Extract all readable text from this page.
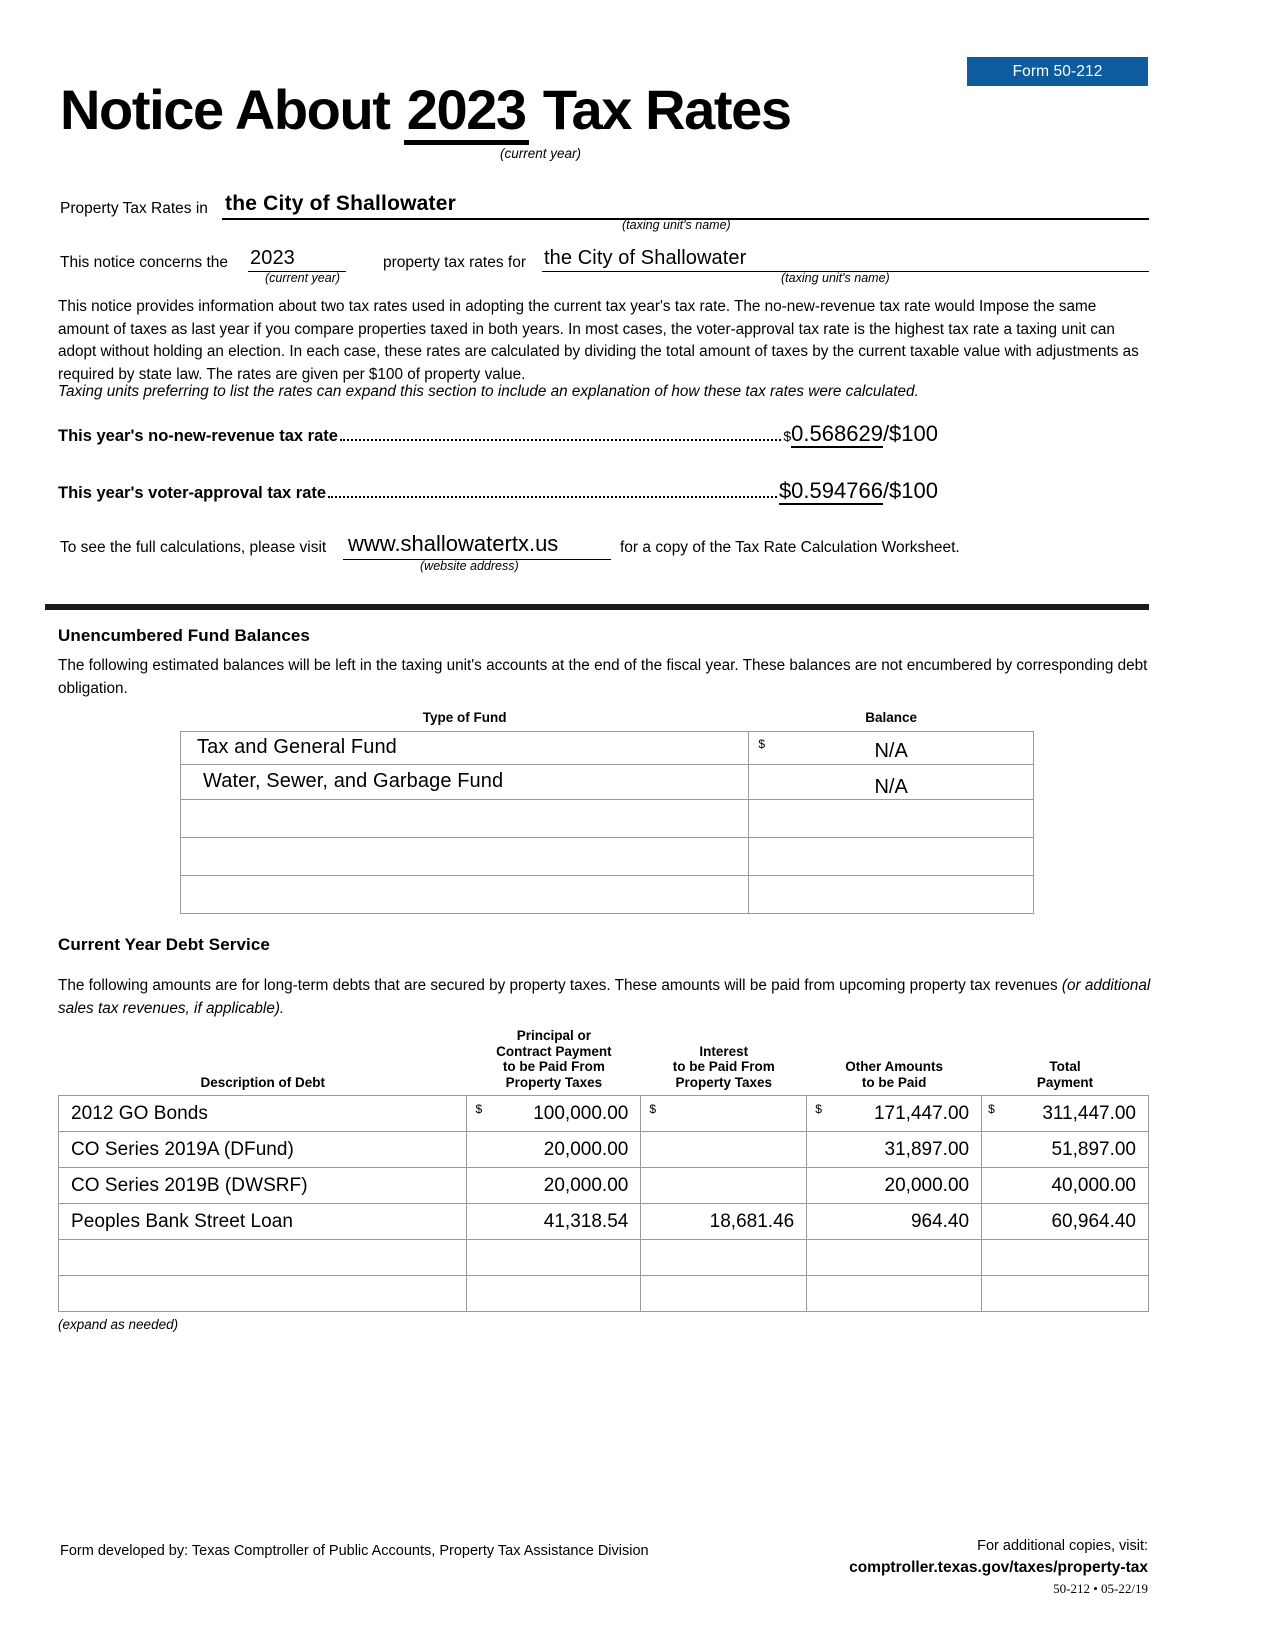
Form 50-212
Notice About 2023 Tax Rates
(current year)
Property Tax Rates in the City of Shallowater
(taxing unit's name)
This notice concerns the 2023
(current year)
property tax rates for the City of Shallowater
(taxing unit's name)
This notice provides information about two tax rates used in adopting the current tax year's tax rate. The no-new-revenue tax rate would Impose the same amount of taxes as last year if you compare properties taxed in both years. In most cases, the voter-approval tax rate is the highest tax rate a taxing unit can adopt without holding an election. In each case, these rates are calculated by dividing the total amount of taxes by the current taxable value with adjustments as required by state law. The rates are given per $100 of property value.
Taxing units preferring to list the rates can expand this section to include an explanation of how these tax rates were calculated.
This year's no-new-revenue tax rate	$0.568629/$100
This year's voter-approval tax rate	$0.594766/$100
To see the full calculations, please visit www.shallowatertx.us
(website address)
for a copy of the Tax Rate Calculation Worksheet.
Unencumbered Fund Balances
The following estimated balances will be left in the taxing unit's accounts at the end of the fiscal year. These balances are not encumbered by corresponding debt obligation.
Type of Fund	Balance
Tax and General Fund	$ N/A

Water, Sewer, and Garbage Fund	N/A

Current Year Debt Service
The following amounts are for long-term debts that are secured by property taxes. These amounts will be paid from upcoming property tax revenues (or additional sales tax revenues, if applicable).
Description of Debt

Principal or
Contract Payment
to be Paid From
Property Taxes

Interest
to be Paid From
Property Taxes

Other Amounts
to be Paid

Total
Payment

2012 GO Bonds	$ 100,000.00	$	$ 171,447.00	$ 311,447.00
CO Series 2019A (DFund)	20,000.00		31,897.00	51,897.00
CO Series 2019B (DWSRF)	20,000.00		20,000.00	40,000.00
Peoples Bank Street Loan	41,318.54	18,681.46	964.40	60,964.40

(expand as needed)
Form developed by: Texas Comptroller of Public Accounts, Property Tax Assistance Division	For additional copies, visit:
comptroller.texas.gov/taxes/property-tax
50-212 • 05-22/19
